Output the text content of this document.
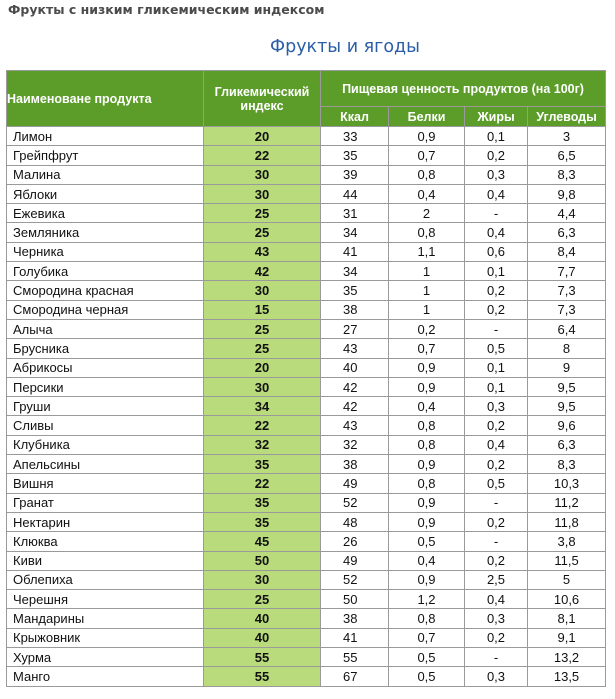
Фрукты с низким гликемическим индексом
Фрукты и ягоды
Наименоване продукта	Гликемический индекс	Пищевая ценность продуктов (на 100г)			
		Ккал	Белки	Жиры	Углеводы
Лимон	20	33	0,9	0,1	3
Грейпфрут	22	35	0,7	0,2	6,5
Малина	30	39	0,8	0,3	8,3
Яблоки	30	44	0,4	0,4	9,8
Ежевика	25	31	2	-	4,4
Земляника	25	34	0,8	0,4	6,3
Черника	43	41	1,1	0,6	8,4
Голубика	42	34	1	0,1	7,7
Смородина красная	30	35	1	0,2	7,3
Смородина черная	15	38	1	0,2	7,3
Алыча	25	27	0,2	-	6,4
Брусника	25	43	0,7	0,5	8
Абрикосы	20	40	0,9	0,1	9
Персики	30	42	0,9	0,1	9,5
Груши	34	42	0,4	0,3	9,5
Сливы	22	43	0,8	0,2	9,6
Клубника	32	32	0,8	0,4	6,3
Апельсины	35	38	0,9	0,2	8,3
Вишня	22	49	0,8	0,5	10,3
Гранат	35	52	0,9	-	11,2
Нектарин	35	48	0,9	0,2	11,8
Клюква	45	26	0,5	-	3,8
Киви	50	49	0,4	0,2	11,5
Облепиха	30	52	0,9	2,5	5
Черешня	25	50	1,2	0,4	10,6
Мандарины	40	38	0,8	0,3	8,1
Крыжовник	40	41	0,7	0,2	9,1
Хурма	55	55	0,5	-	13,2
Манго	55	67	0,5	0,3	13,5
